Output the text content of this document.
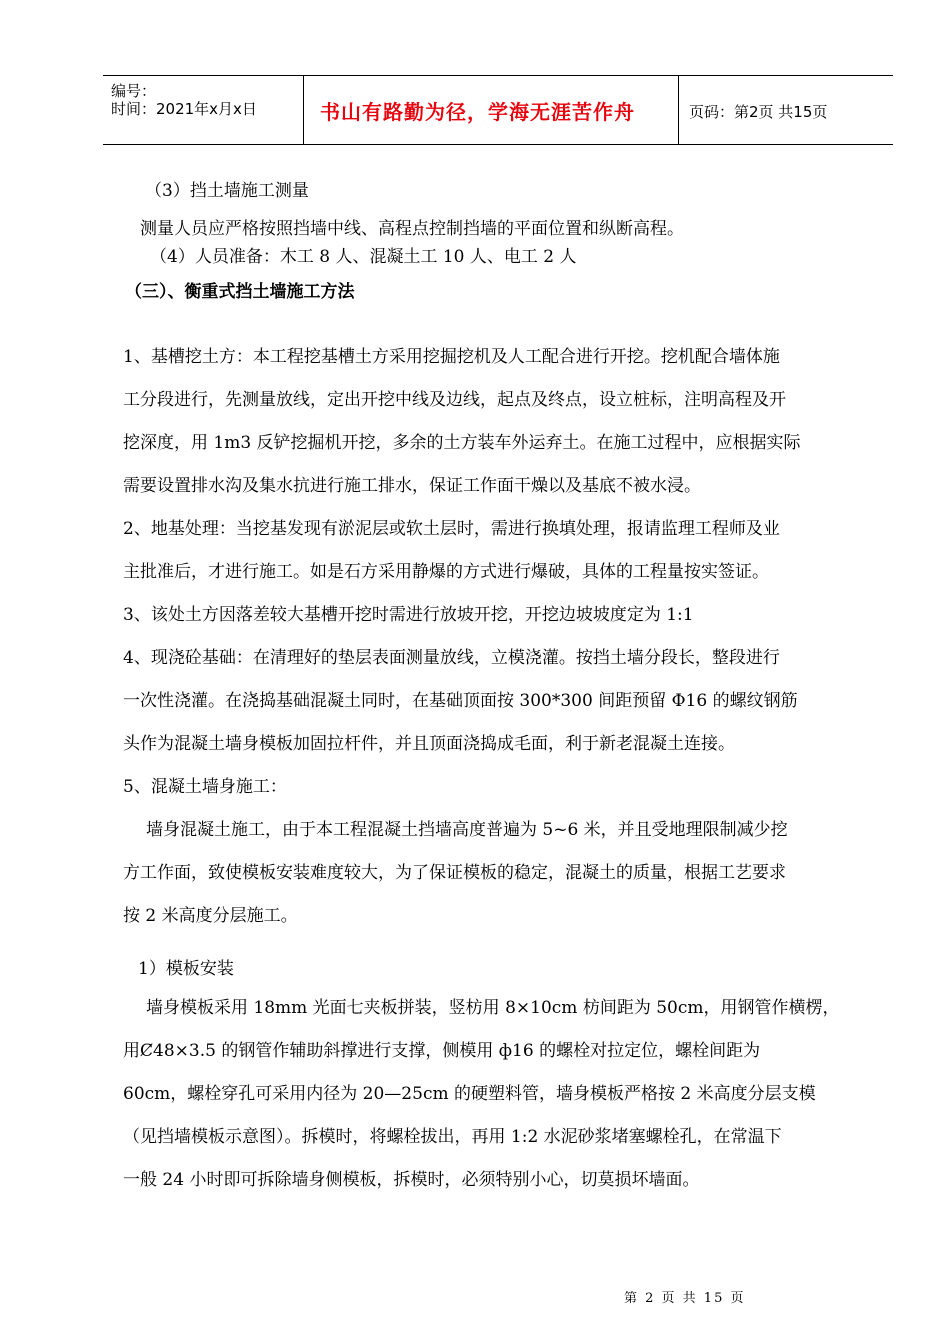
编号：
时间：2021年x月x日	书山有路勤为径，学海无涯苦作舟	页码：第2页 共15页
（3）挡土墙施工测量
测量人员应严格按照挡墙中线、高程点控制挡墙的平面位置和纵断高程。
（4）人员准备：木工 8 人、混凝土工 10 人、电工 2 人
（三）、衡重式挡土墙施工方法
1、基槽挖土方：本工程挖基槽土方采用挖掘挖机及人工配合进行开挖。挖机配合墙体施
工分段进行，先测量放线，定出开挖中线及边线，起点及终点，设立桩标，注明高程及开
挖深度，用 1m3 反铲挖掘机开挖，多余的土方装车外运弃土。在施工过程中，应根据实际
需要设置排水沟及集水抗进行施工排水，保证工作面干燥以及基底不被水浸。
2、地基处理：当挖基发现有淤泥层或软土层时，需进行换填处理，报请监理工程师及业
主批准后，才进行施工。如是石方采用静爆的方式进行爆破，具体的工程量按实签证。
3、该处土方因落差较大基槽开挖时需进行放坡开挖，开挖边坡坡度定为 1:1
4、现浇砼基础：在清理好的垫层表面测量放线，立模浇灌。按挡土墙分段长，整段进行
一次性浇灌。在浇捣基础混凝土同时，在基础顶面按 300*300 间距预留 Φ16 的螺纹钢筋
头作为混凝土墙身模板加固拉杆件，并且顶面浇捣成毛面，利于新老混凝土连接。
5、混凝土墙身施工：
墙身混凝土施工，由于本工程混凝土挡墙高度普遍为 5~6 米，并且受地理限制减少挖
方工作面，致使模板安装难度较大，为了保证模板的稳定，混凝土的质量，根据工艺要求
按 2 米高度分层施工。
1）模板安装
墙身模板采用 18mm 光面七夹板拼装，竖枋用 8×10cm 枋间距为 50cm，用钢管作横楞，
用Ȼ48×3.5 的钢管作辅助斜撑进行支撑，侧模用 ф16 的螺栓对拉定位，螺栓间距为
60cm，螺栓穿孔可采用内径为 20—25cm 的硬塑料管，墙身模板严格按 2 米高度分层支模
（见挡墙模板示意图）。拆模时，将螺栓拔出，再用 1:2 水泥砂浆堵塞螺栓孔，在常温下
一般 24 小时即可拆除墙身侧模板，拆模时，必须特别小心，切莫损坏墙面。
第 2 页 共 15 页
